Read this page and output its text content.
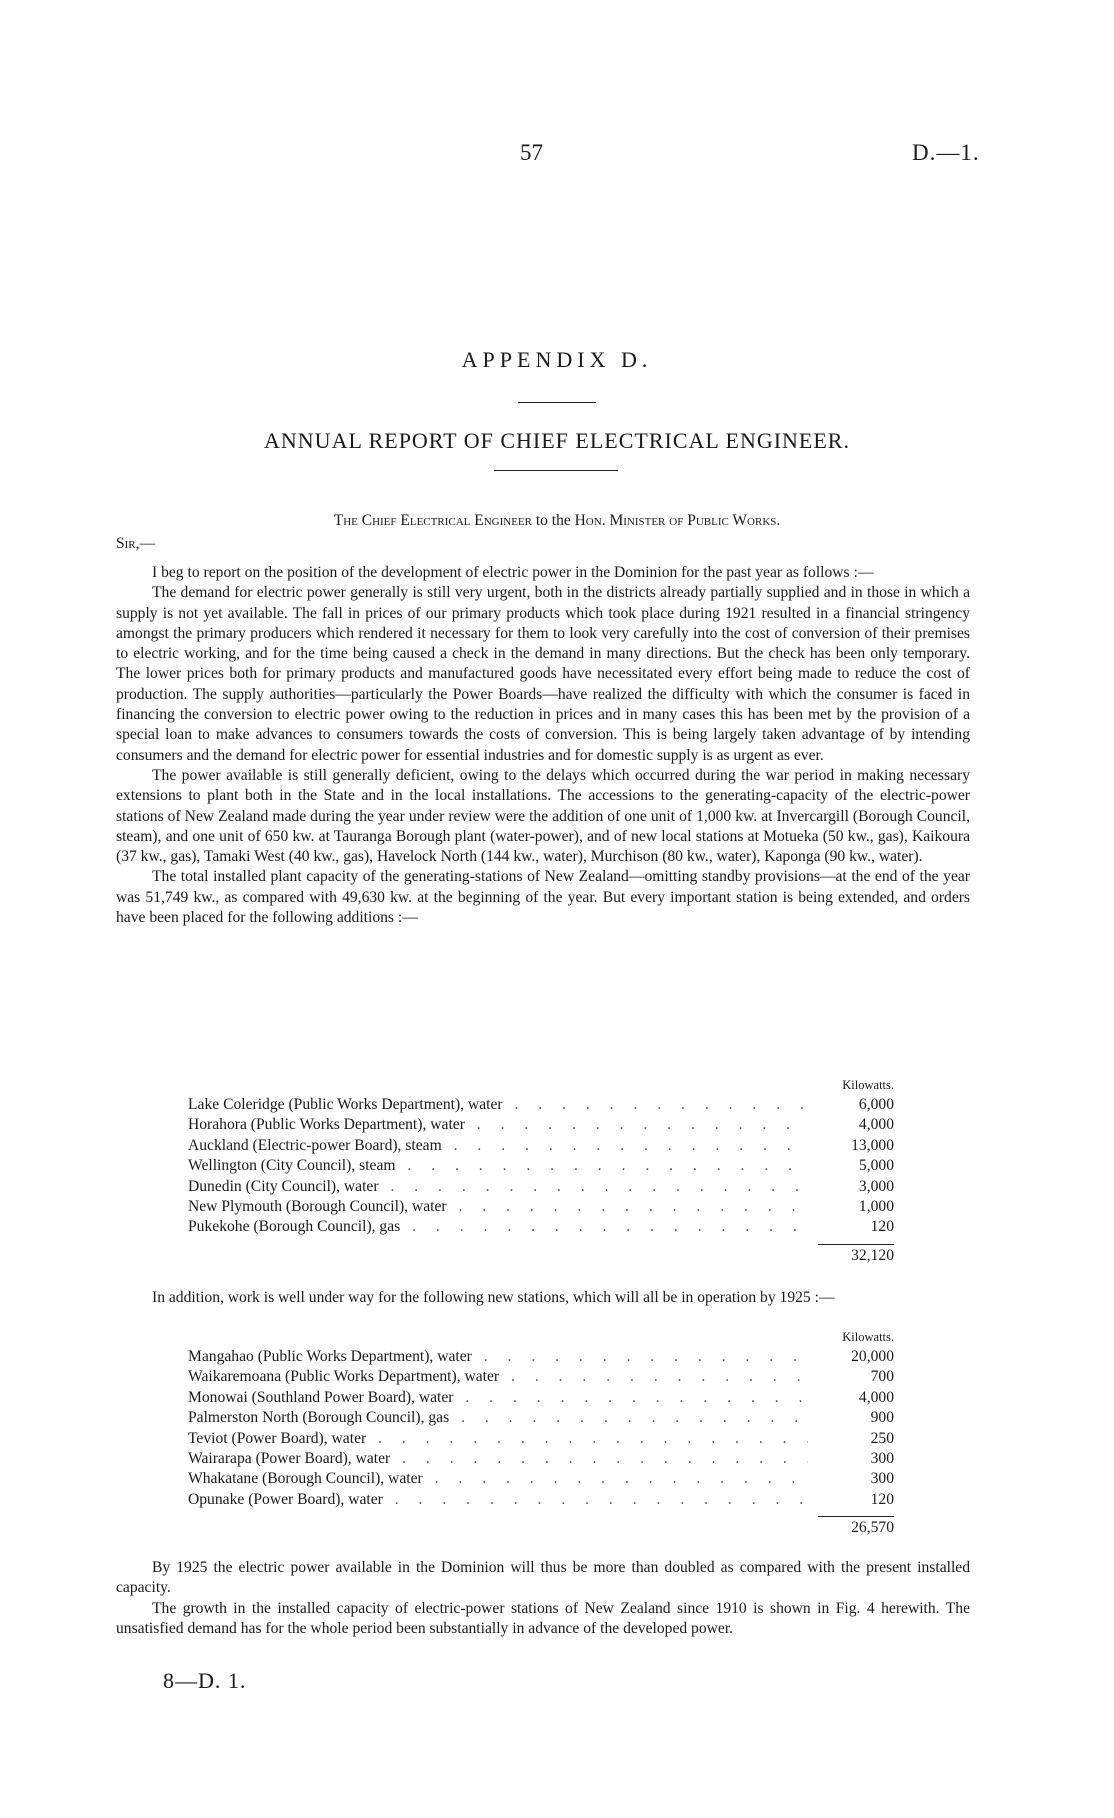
57	D.—1.
APPENDIX D.
ANNUAL REPORT OF CHIEF ELECTRICAL ENGINEER.
The Chief Electrical Engineer to the Hon. Minister of Public Works.
Sir,—

I beg to report on the position of the development of electric power in the Dominion for the past year as follows :—

The demand for electric power generally is still very urgent, both in the districts already partially supplied and in those in which a supply is not yet available. The fall in prices of our primary products which took place during 1921 resulted in a financial stringency amongst the primary producers which rendered it necessary for them to look very carefully into the cost of conversion of their premises to electric working, and for the time being caused a check in the demand in many directions. But the check has been only temporary. The lower prices both for primary products and manufactured goods have necessitated every effort being made to reduce the cost of production. The supply authorities—particularly the Power Boards—have realized the difficulty with which the consumer is faced in financing the conversion to electric power owing to the reduction in prices and in many cases this has been met by the provision of a special loan to make advances to consumers towards the costs of conversion. This is being largely taken advantage of by intending consumers and the demand for electric power for essential industries and for domestic supply is as urgent as ever.

The power available is still generally deficient, owing to the delays which occurred during the war period in making necessary extensions to plant both in the State and in the local installations. The accessions to the generating-capacity of the electric-power stations of New Zealand made during the year under review were the addition of one unit of 1,000 kw. at Invercargill (Borough Council, steam), and one unit of 650 kw. at Tauranga Borough plant (water-power), and of new local stations at Motueka (50 kw., gas), Kaikoura (37 kw., gas), Tamaki West (40 kw., gas), Havelock North (144 kw., water), Murchison (80 kw., water), Kaponga (90 kw., water).

The total installed plant capacity of the generating-stations of New Zealand—omitting standby provisions—at the end of the year was 51,749 kw., as compared with 49,630 kw. at the beginning of the year. But every important station is being extended, and orders have been placed for the following additions :—

Kilowatts.
Lake Coleridge (Public Works Department), water . . .	6,000
Horahora (Public Works Department), water . . .	4,000
Auckland (Electric-power Board), steam . . .	13,000
Wellington (City Council), steam . . .	5,000
Dunedin (City Council), water . . .	3,000
New Plymouth (Borough Council), water . . .	1,000
Pukekohe (Borough Council), gas . . .	120
32,120

In addition, work is well under way for the following new stations, which will all be in operation by 1925 :—

Kilowatts.
Mangahao (Public Works Department), water . . .	20,000
Waikaremoana (Public Works Department), water . . .	700
Monowai (Southland Power Board), water . . .	4,000
Palmerston North (Borough Council), gas . . .	900
Teviot (Power Board), water . . .	250
Wairarapa (Power Board), water . . .	300
Whakatane (Borough Council), water . . .	300
Opunake (Power Board), water . . .	120
26,570

By 1925 the electric power available in the Dominion will thus be more than doubled as compared with the present installed capacity.

The growth in the installed capacity of electric-power stations of New Zealand since 1910 is shown in Fig. 4 herewith. The unsatisfied demand has for the whole period been substantially in advance of the developed power.

8—D. 1.
